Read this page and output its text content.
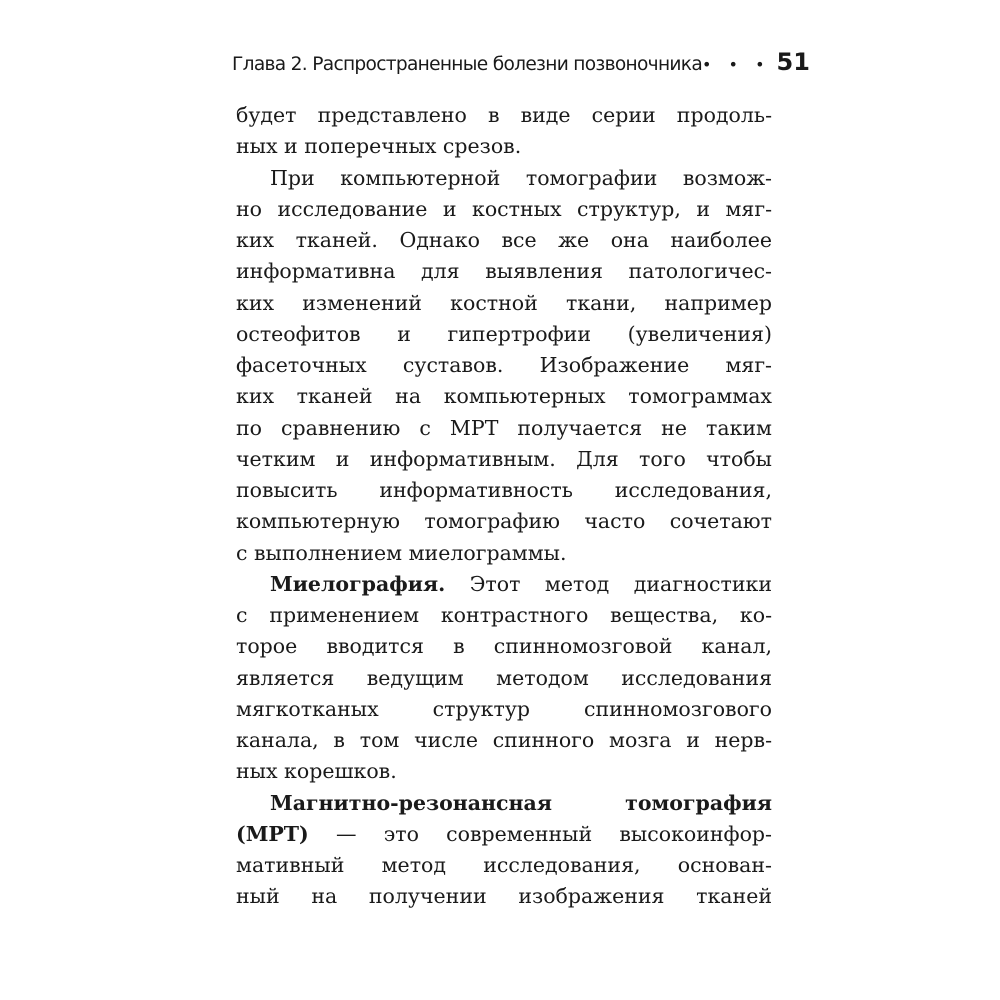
Глава 2. Распространенные болезни позвоночника • • • 51

будет представлено в виде серии продоль-
ных и поперечных срезов.

При компьютерной томографии возмож-
но исследование и костных структур, и мяг-
ких тканей. Однако все же она наиболее
информативна для выявления патологичес-
ких изменений костной ткани, например
остеофитов и гипертрофии (увеличения)
фасеточных суставов. Изображение мяг-
ких тканей на компьютерных томограммах
по сравнению с МРТ получается не таким
четким и информативным. Для того чтобы
повысить информативность исследования,
компьютерную томографию часто сочетают
с выполнением миелограммы.

Миелография. Этот метод диагностики
с применением контрастного вещества, ко-
торое вводится в спинномозговой канал,
является ведущим методом исследования
мягкотканых структур спинномозгового
канала, в том числе спинного мозга и нерв-
ных корешков.

Магнитно-резонансная томография
(МРТ) — это современный высокоинфор-
мативный метод исследования, основан-
ный на получении изображения тканей
